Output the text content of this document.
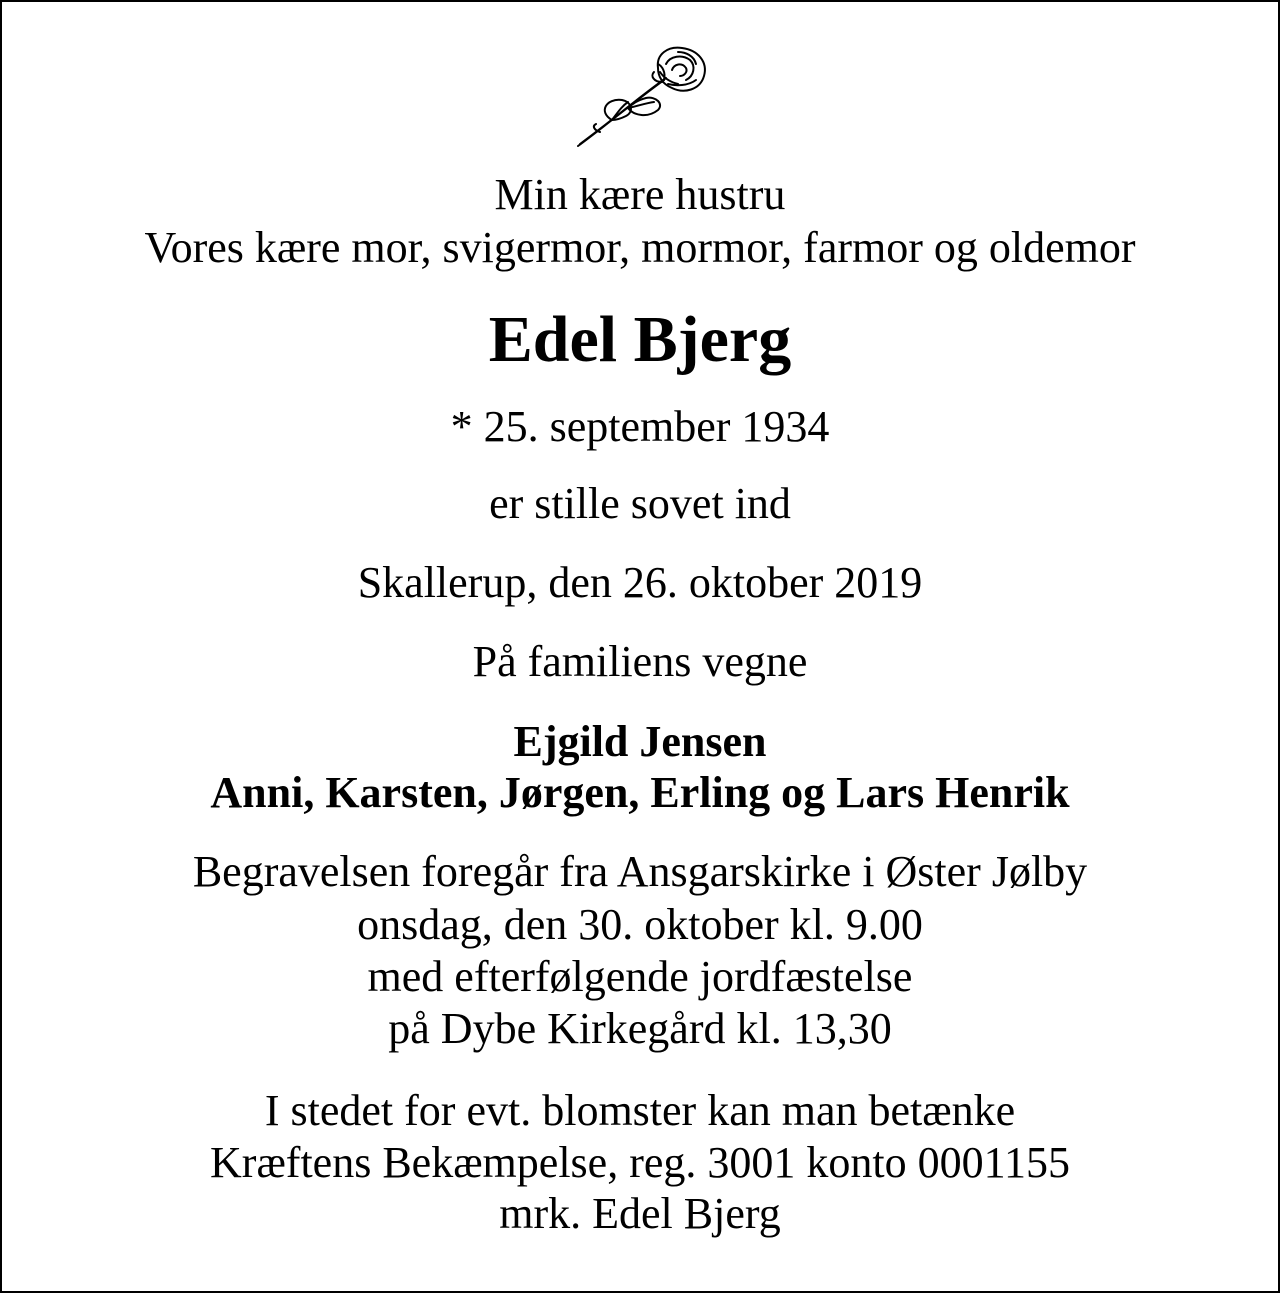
Min kære hustru
Vores kære mor, svigermor, mormor, farmor og oldemor
Edel Bjerg
* 25. september 1934
er stille sovet ind
Skallerup, den 26. oktober 2019
På familiens vegne
Ejgild Jensen
Anni, Karsten, Jørgen, Erling og Lars Henrik
Begravelsen foregår fra Ansgarskirke i Øster Jølby
onsdag, den 30. oktober kl. 9.00
med efterfølgende jordfæstelse
på Dybe Kirkegård kl. 13,30
I stedet for evt. blomster kan man betænke
Kræftens Bekæmpelse, reg. 3001 konto 0001155
mrk. Edel Bjerg
